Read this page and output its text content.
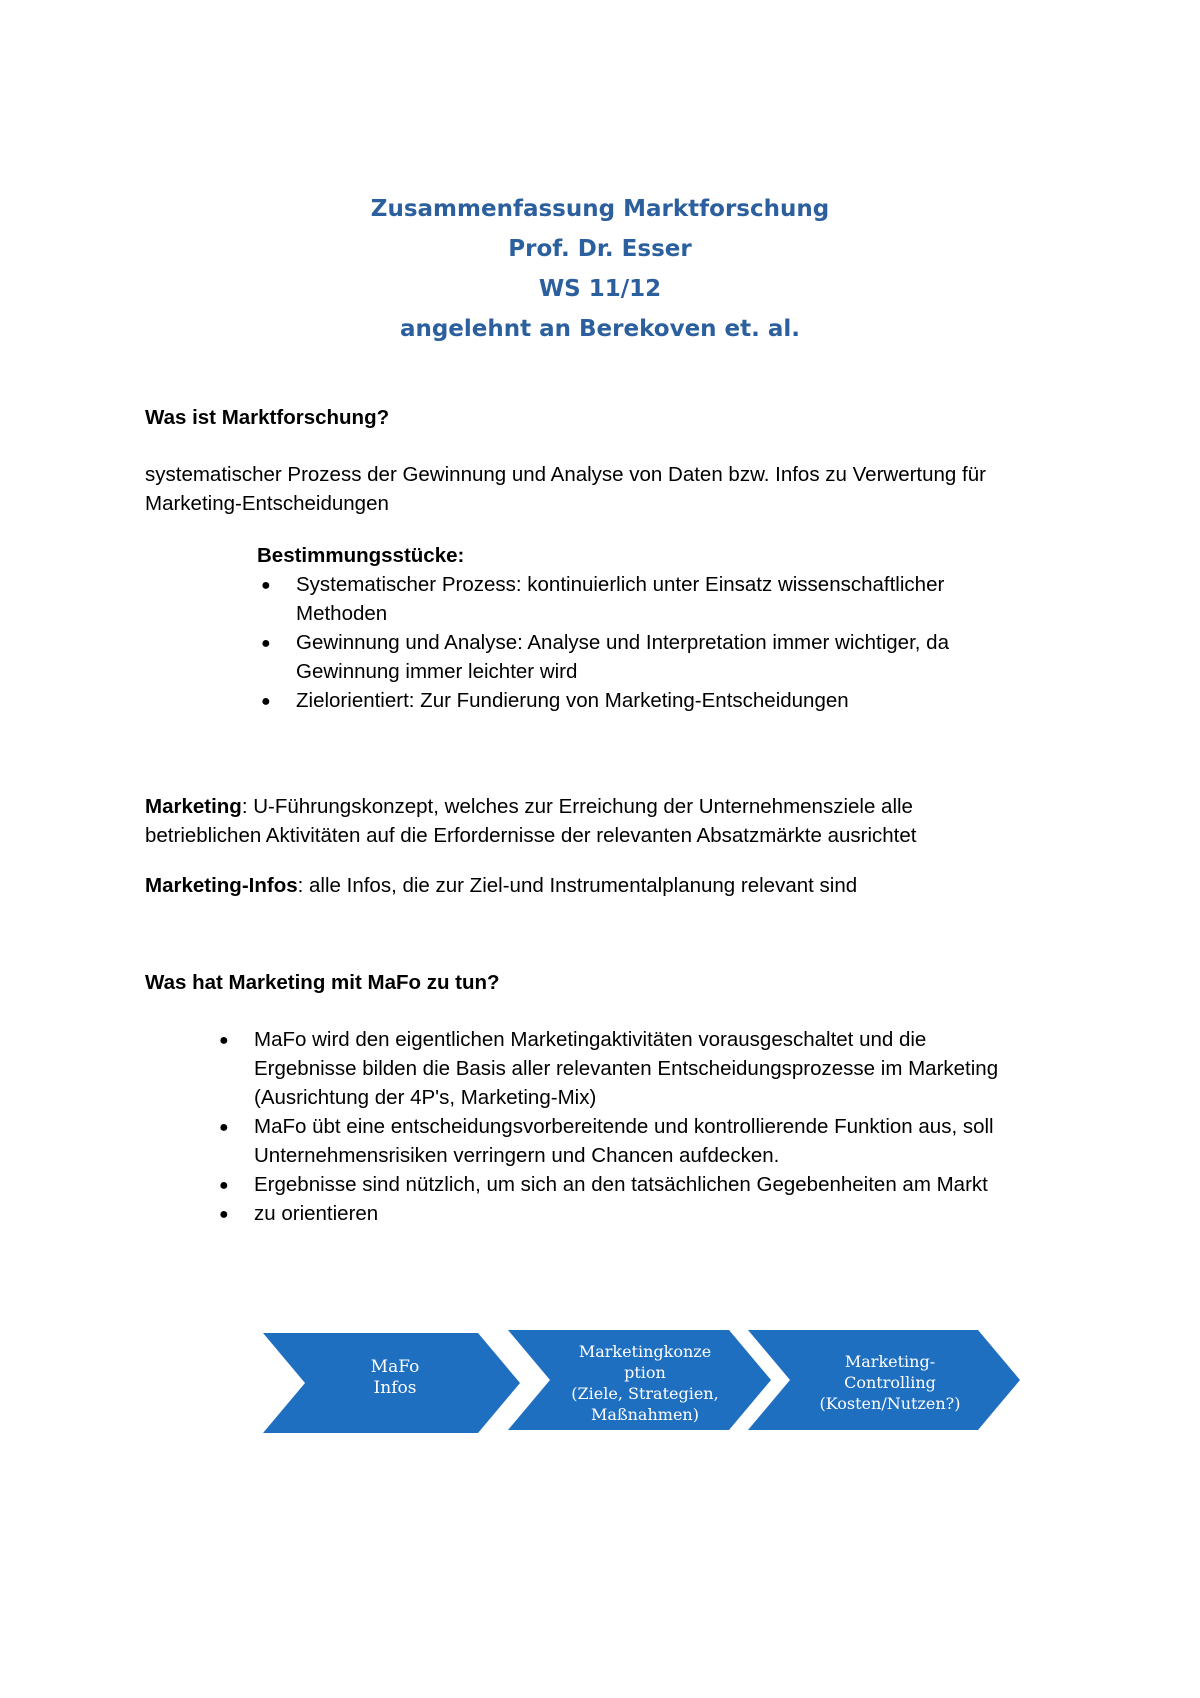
Zusammenfassung Marktforschung
Prof. Dr. Esser
WS 11/12
angelehnt an Berekoven et. al.
Was ist Marktforschung?
systematischer Prozess der Gewinnung und Analyse von Daten bzw. Infos zu Verwertung für
Marketing-Entscheidungen
Bestimmungsstücke:
● Systematischer Prozess: kontinuierlich unter Einsatz wissenschaftlicher
Methoden
● Gewinnung und Analyse: Analyse und Interpretation immer wichtiger, da
Gewinnung immer leichter wird
● Zielorientiert: Zur Fundierung von Marketing-Entscheidungen
Marketing: U-Führungskonzept, welches zur Erreichung der Unternehmensziele alle
betrieblichen Aktivitäten auf die Erfordernisse der relevanten Absatzmärkte ausrichtet
Marketing-Infos: alle Infos, die zur Ziel-und Instrumentalplanung relevant sind
Was hat Marketing mit MaFo zu tun?
● MaFo wird den eigentlichen Marketingaktivitäten vorausgeschaltet und die
Ergebnisse bilden die Basis aller relevanten Entscheidungsprozesse im Marketing
(Ausrichtung der 4P's, Marketing-Mix)
● MaFo übt eine entscheidungsvorbereitende und kontrollierende Funktion aus, soll
Unternehmensrisiken verringern und Chancen aufdecken.
● Ergebnisse sind nützlich, um sich an den tatsächlichen Gegebenheiten am Markt
● zu orientieren
MaFo
Infos
Marketingkonze
ption
(Ziele, Strategien,
Maßnahmen)
Marketing-
Controlling
(Kosten/Nutzen?)
